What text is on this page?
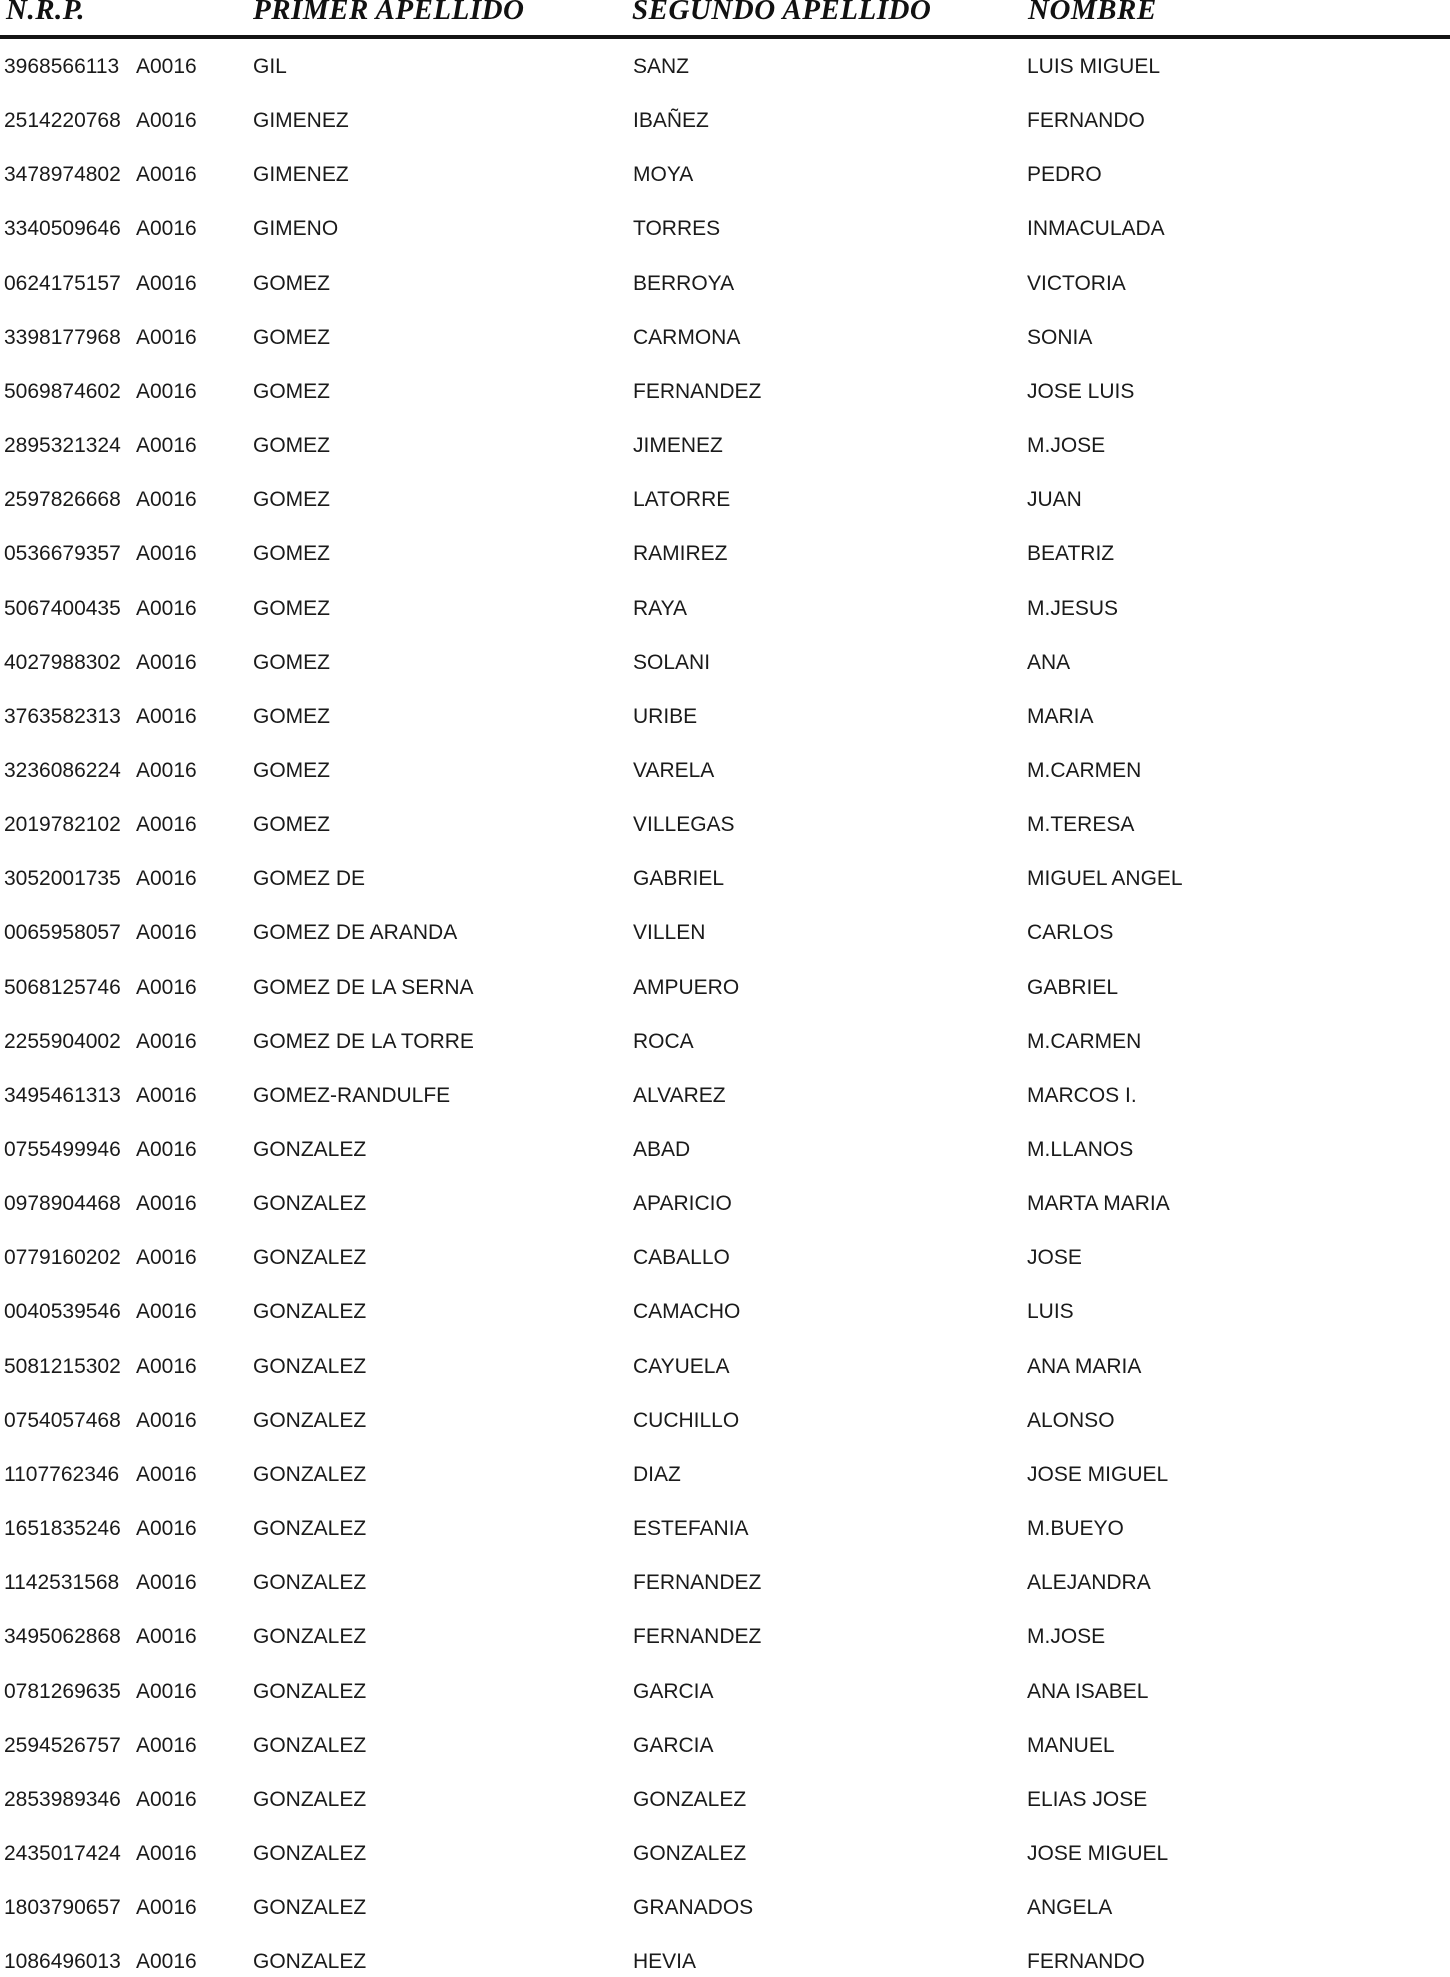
N.R.P.	PRIMER APELLIDO	SEGUNDO APELLIDO	NOMBRE
3968566113 A0016	GIL	SANZ	LUIS MIGUEL
2514220768 A0016	GIMENEZ	IBAÑEZ	FERNANDO
3478974802 A0016	GIMENEZ	MOYA	PEDRO
3340509646 A0016	GIMENO	TORRES	INMACULADA
0624175157 A0016	GOMEZ	BERROYA	VICTORIA
3398177968 A0016	GOMEZ	CARMONA	SONIA
5069874602 A0016	GOMEZ	FERNANDEZ	JOSE LUIS
2895321324 A0016	GOMEZ	JIMENEZ	M.JOSE
2597826668 A0016	GOMEZ	LATORRE	JUAN
0536679357 A0016	GOMEZ	RAMIREZ	BEATRIZ
5067400435 A0016	GOMEZ	RAYA	M.JESUS
4027988302 A0016	GOMEZ	SOLANI	ANA
3763582313 A0016	GOMEZ	URIBE	MARIA
3236086224 A0016	GOMEZ	VARELA	M.CARMEN
2019782102 A0016	GOMEZ	VILLEGAS	M.TERESA
3052001735 A0016	GOMEZ DE	GABRIEL	MIGUEL ANGEL
0065958057 A0016	GOMEZ DE ARANDA	VILLEN	CARLOS
5068125746 A0016	GOMEZ DE LA SERNA	AMPUERO	GABRIEL
2255904002 A0016	GOMEZ DE LA TORRE	ROCA	M.CARMEN
3495461313 A0016	GOMEZ-RANDULFE	ALVAREZ	MARCOS I.
0755499946 A0016	GONZALEZ	ABAD	M.LLANOS
0978904468 A0016	GONZALEZ	APARICIO	MARTA MARIA
0779160202 A0016	GONZALEZ	CABALLO	JOSE
0040539546 A0016	GONZALEZ	CAMACHO	LUIS
5081215302 A0016	GONZALEZ	CAYUELA	ANA MARIA
0754057468 A0016	GONZALEZ	CUCHILLO	ALONSO
1107762346 A0016	GONZALEZ	DIAZ	JOSE MIGUEL
1651835246 A0016	GONZALEZ	ESTEFANIA	M.BUEYO
1142531568 A0016	GONZALEZ	FERNANDEZ	ALEJANDRA
3495062868 A0016	GONZALEZ	FERNANDEZ	M.JOSE
0781269635 A0016	GONZALEZ	GARCIA	ANA ISABEL
2594526757 A0016	GONZALEZ	GARCIA	MANUEL
2853989346 A0016	GONZALEZ	GONZALEZ	ELIAS JOSE
2435017424 A0016	GONZALEZ	GONZALEZ	JOSE MIGUEL
1803790657 A0016	GONZALEZ	GRANADOS	ANGELA
1086496013 A0016	GONZALEZ	HEVIA	FERNANDO
